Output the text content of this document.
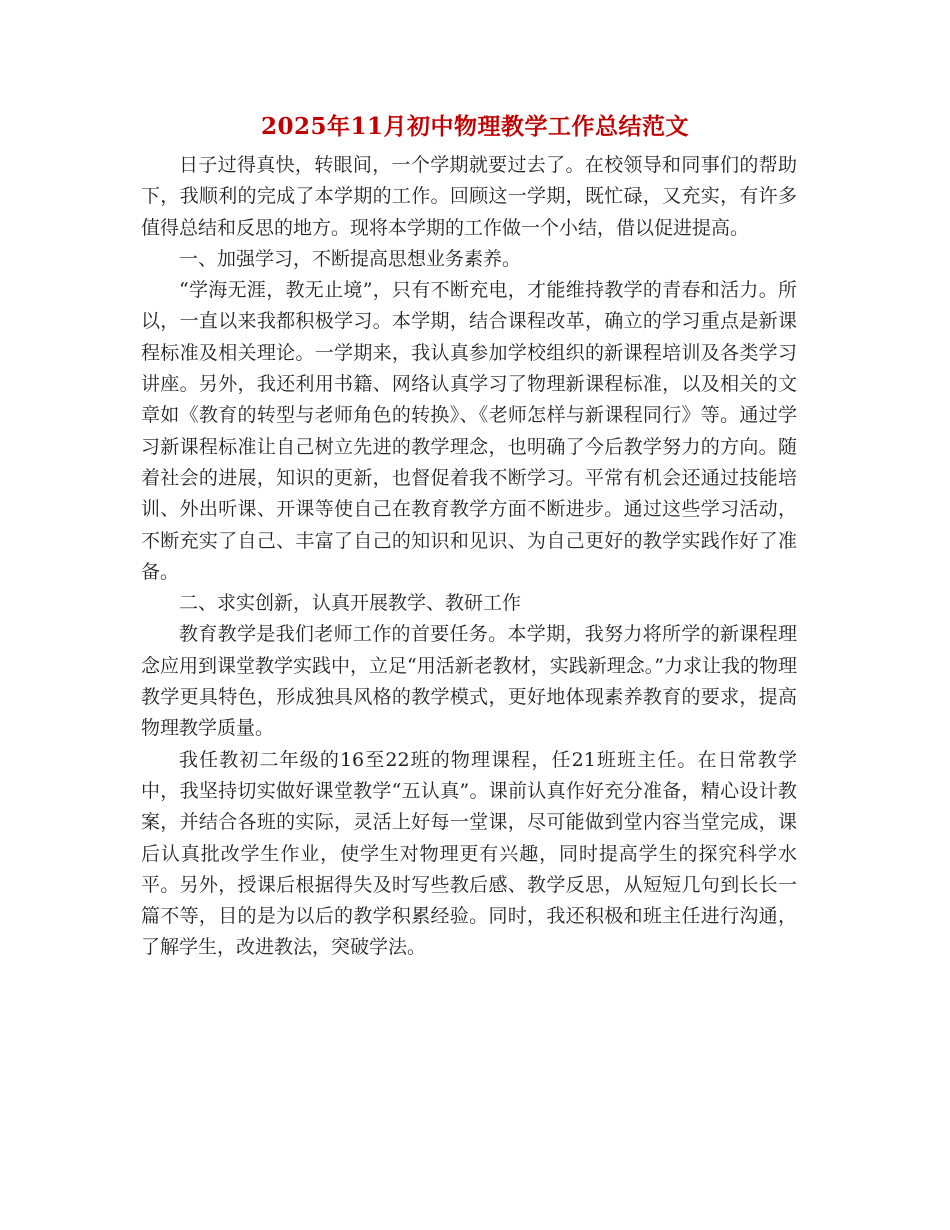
2025年11月初中物理教学工作总结范文

日子过得真快，转眼间，一个学期就要过去了。在校领导和同事们的帮助下，我顺利的完成了本学期的工作。回顾这一学期，既忙碌，又充实，有许多值得总结和反思的地方。现将本学期的工作做一个小结，借以促进提高。

一、加强学习，不断提高思想业务素养。

“学海无涯，教无止境”，只有不断充电，才能维持教学的青春和活力。所以，一直以来我都积极学习。本学期，结合课程改革，确立的学习重点是新课程标准及相关理论。一学期来，我认真参加学校组织的新课程培训及各类学习讲座。另外，我还利用书籍、网络认真学习了物理新课程标准，以及相关的文章如《教育的转型与老师角色的转换》、《老师怎样与新课程同行》等。通过学习新课程标准让自己树立先进的教学理念，也明确了今后教学努力的方向。随着社会的进展，知识的更新，也督促着我不断学习。平常有机会还通过技能培训、外出听课、开课等使自己在教育教学方面不断进步。通过这些学习活动，不断充实了自己、丰富了自己的知识和见识、为自己更好的教学实践作好了准备。

二、求实创新，认真开展教学、教研工作

教育教学是我们老师工作的首要任务。本学期，我努力将所学的新课程理念应用到课堂教学实践中，立足“用活新老教材，实践新理念。”力求让我的物理教学更具特色，形成独具风格的教学模式，更好地体现素养教育的要求，提高物理教学质量。

我任教初二年级的16至22班的物理课程，任21班班主任。在日常教学中，我坚持切实做好课堂教学“五认真”。课前认真作好充分准备，精心设计教案，并结合各班的实际，灵活上好每一堂课，尽可能做到堂内容当堂完成，课后认真批改学生作业，使学生对物理更有兴趣，同时提高学生的探究科学水平。另外，授课后根据得失及时写些教后感、教学反思，从短短几句到长长一篇不等，目的是为以后的教学积累经验。同时，我还积极和班主任进行沟通，了解学生，改进教法，突破学法。
